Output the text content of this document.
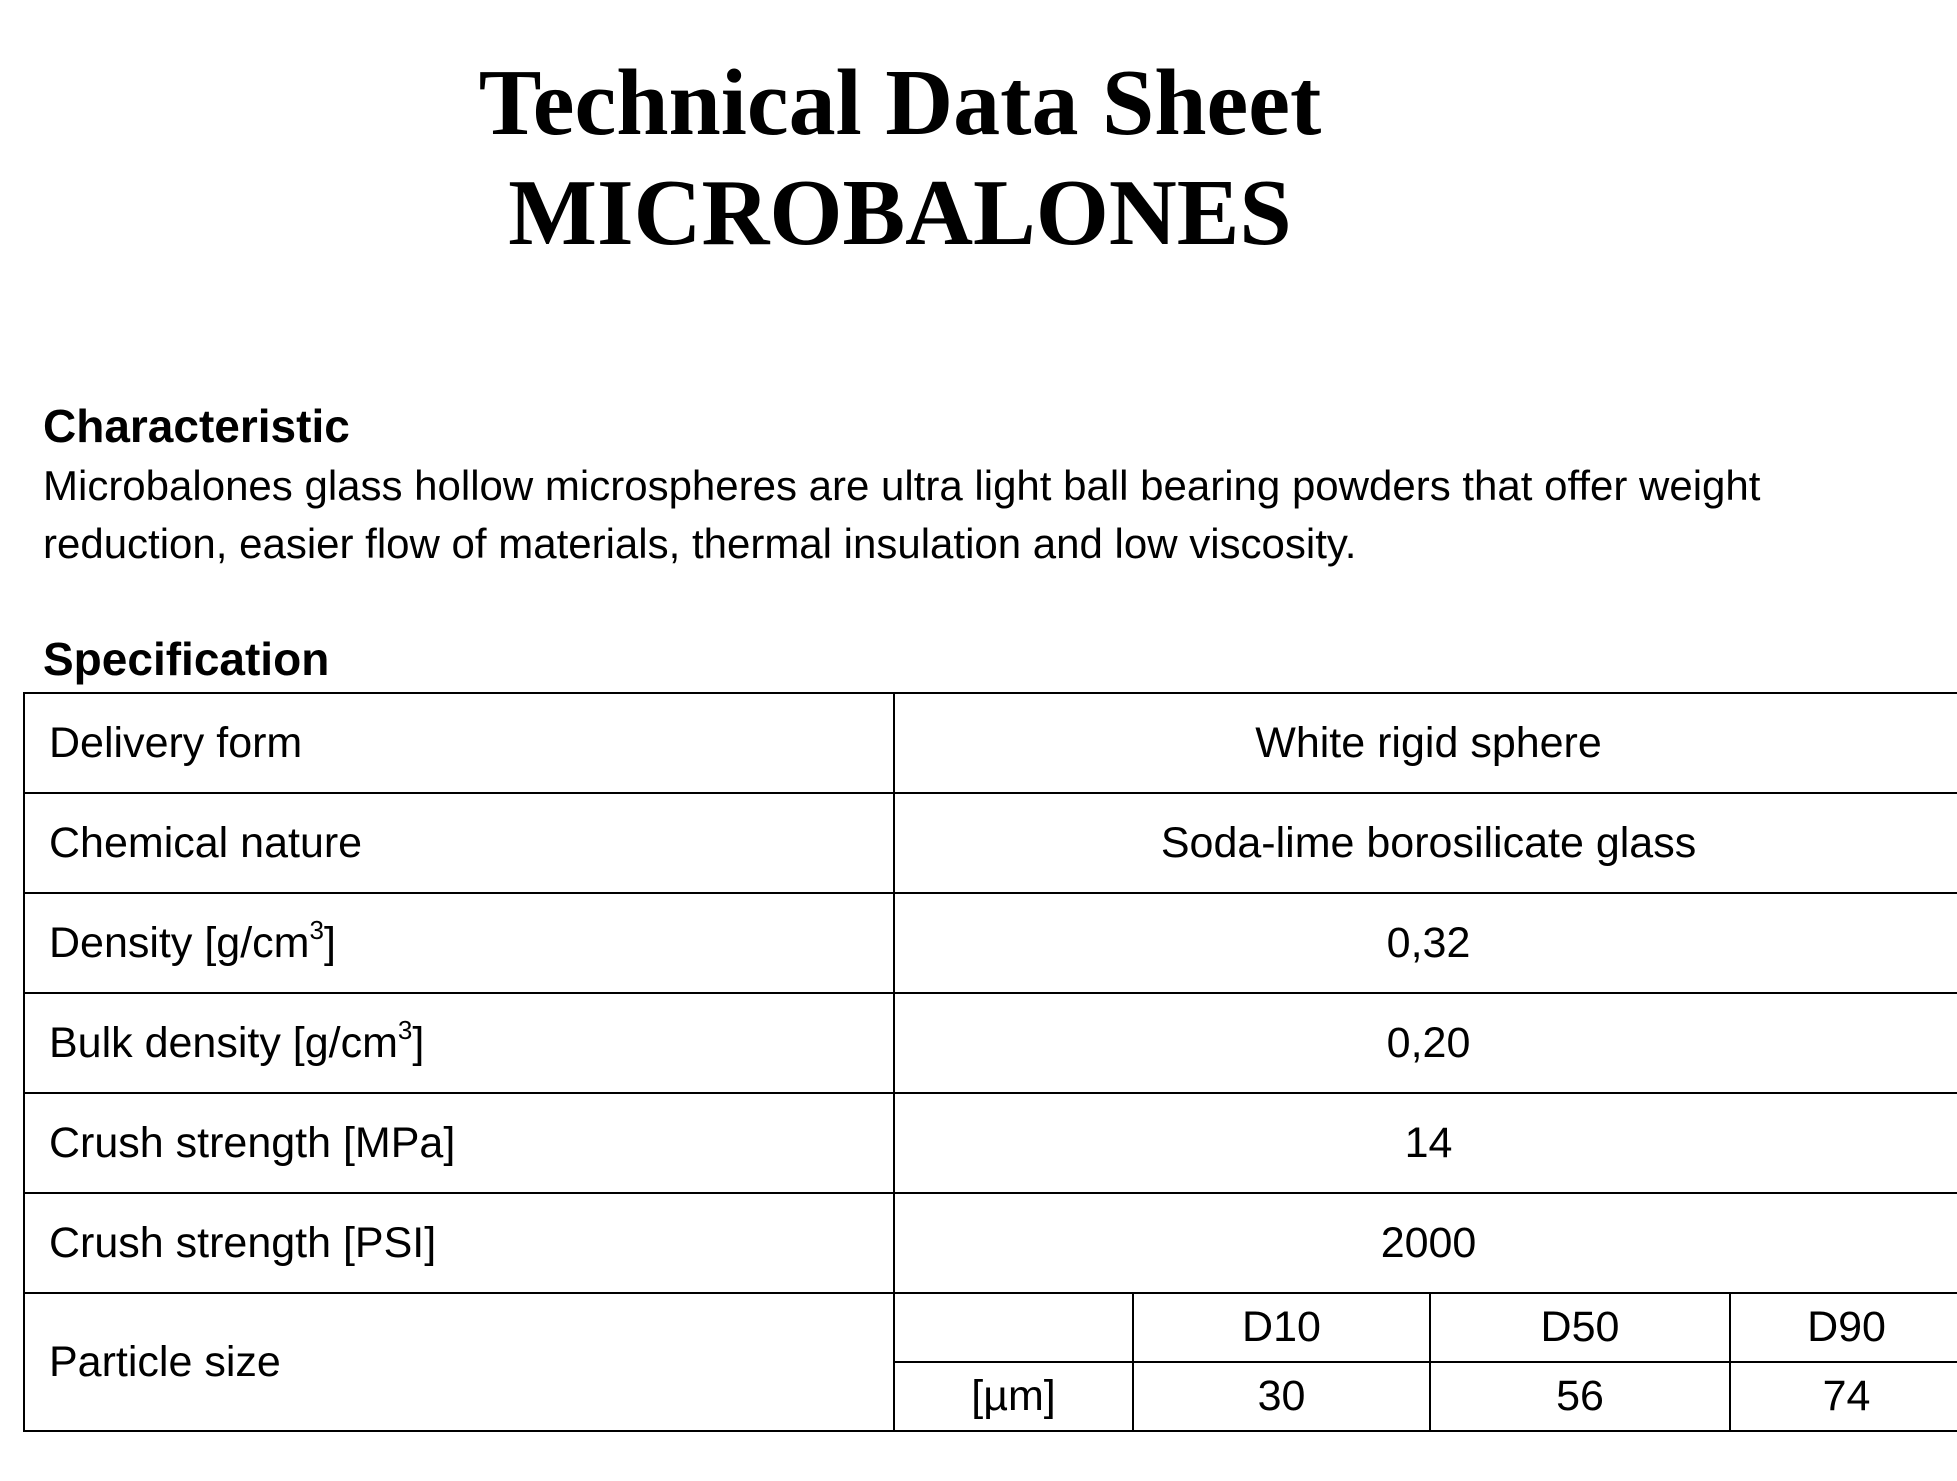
Technical Data Sheet
MICROBALONES
Characteristic

Microbalones glass hollow microspheres are ultra light ball bearing powders that offer weight reduction, easier flow of materials, thermal insulation and low viscosity.

Specification
Delivery form	White rigid sphere			
Chemical nature	Soda-lime borosilicate glass			
Density $[g/cm^3]$	0,32			
Bulk density $[g/cm^3]$	0,20			
Crush strength [MPa]	14			
Crush strength [PSI]	2000			
Particle size		D10	D50	D90
	[µm]	30	56	74
